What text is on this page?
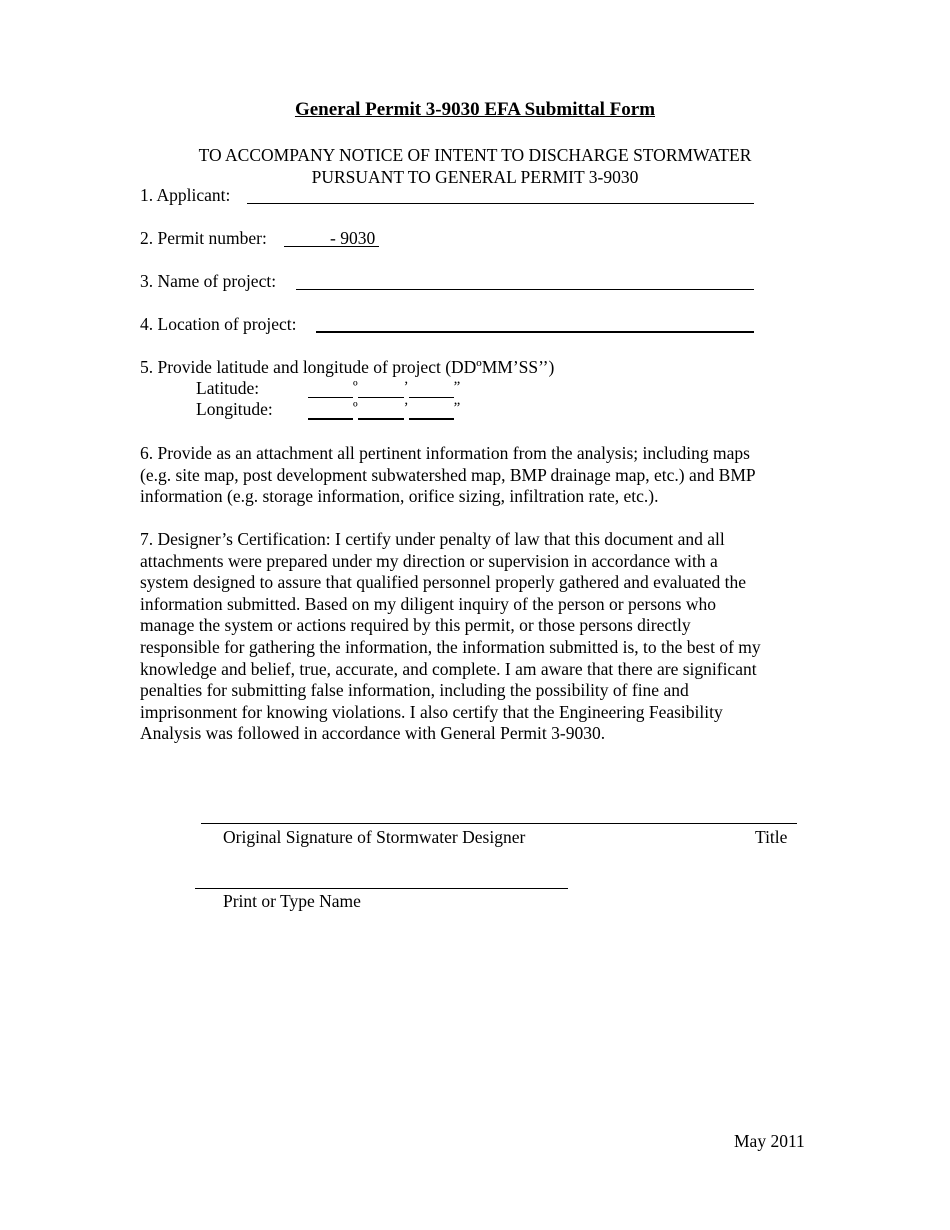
General Permit 3-9030 EFA Submittal Form
TO ACCOMPANY NOTICE OF INTENT TO DISCHARGE STORMWATER
PURSUANT TO GENERAL PERMIT 3-9030
1. Applicant:
2. Permit number:	- 9030
3. Name of project:
4. Location of project:
5. Provide latitude and longitude of project (DDºMM’SS’’)
Latitude:	º	’	”
Longitude:	º	’	”
6. Provide as an attachment all pertinent information from the analysis; including maps
(e.g. site map, post development subwatershed map, BMP drainage map, etc.) and BMP
information (e.g. storage information, orifice sizing, infiltration rate, etc.).
7. Designer’s Certification: I certify under penalty of law that this document and all
attachments were prepared under my direction or supervision in accordance with a
system designed to assure that qualified personnel properly gathered and evaluated the
information submitted. Based on my diligent inquiry of the person or persons who
manage the system or actions required by this permit, or those persons directly
responsible for gathering the information, the information submitted is, to the best of my
knowledge and belief, true, accurate, and complete. I am aware that there are significant
penalties for submitting false information, including the possibility of fine and
imprisonment for knowing violations. I also certify that the Engineering Feasibility
Analysis was followed in accordance with General Permit 3-9030.
Original Signature of Stormwater Designer	Title
Print or Type Name
May 2011
